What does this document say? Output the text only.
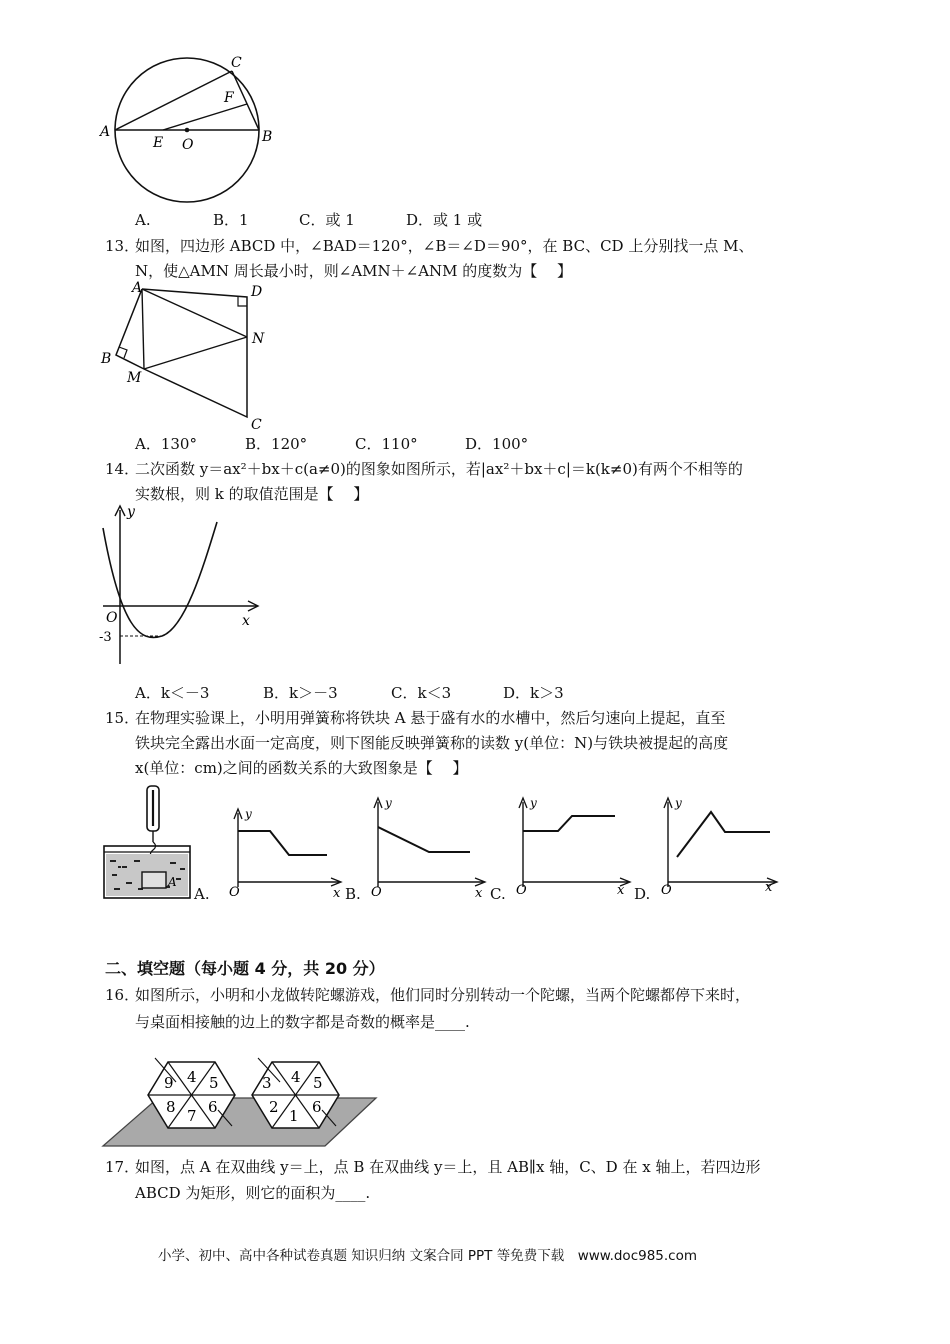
A	B
C
E O
F
A.	B．1	C．或 1	D．或 1 或
13．
如图，四边形 ABCD 中，∠BAD＝120°，∠B＝∠D＝90°，在 BC、CD 上分别找一点 M、
N，使△AMN 周长最小时，则∠AMN＋∠ANM 的度数为【　 】
A	D
N
B
M
C
A．130°	B．120°	C．110°	D．100°
14．
二次函数 y＝ax²＋bx＋c(a≠0)的图象如图所示，若|ax²＋bx＋c|＝k(k≠0)有两个不相等的
实数根，则 k 的取值范围是【　 】
y
x
O
-3
A．k＜－3	B．k＞－3	C．k＜3	D．k＞3
15．
在物理实验课上，小明用弹簧称将铁块 A 悬于盛有水的水槽中，然后匀速向上提起，直至
铁块完全露出水面一定高度，则下图能反映弹簧称的读数 y(单位：N)与铁块被提起的高度
x(单位：cm)之间的函数关系的大致图象是【　 】
A
y
x
O
A.
y
x
O
B.
y
x
O
C.
y
x
O
D.
二、填空题（每小题 4 分，共 20 分）
16．
如图所示，小明和小龙做转陀螺游戏，他们同时分别转动一个陀螺，当两个陀螺都停下来时，
与桌面相接触的边上的数字都是奇数的概率是____.
4 5
6
7
8
9	4 5
6
1
2
3
17．
如图，点 A 在双曲线 y＝上，点 B 在双曲线 y＝上，且 AB∥x 轴，C、D 在 x 轴上，若四边形
ABCD 为矩形，则它的面积为____.
小学、初中、高中各种试卷真题 知识归纳 文案合同 PPT 等免费下载　www.doc985.com
